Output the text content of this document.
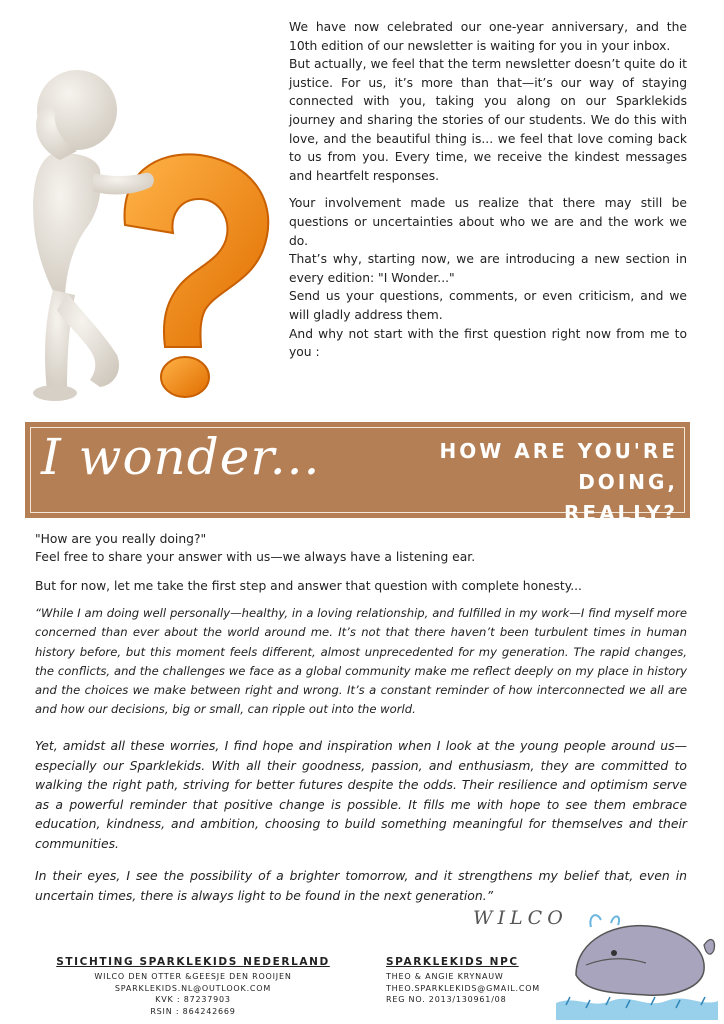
We have now celebrated our one-year anniversary, and the 10th edition of our newsletter is waiting for you in your inbox.
But actually, we feel that the term newsletter doesn’t quite do it justice. For us, it’s more than that—it’s our way of staying connected with you, taking you along on our Sparklekids journey and sharing the stories of our students. We do this with love, and the beautiful thing is... we feel that love coming back to us from you. Every time, we receive the kindest messages and heartfelt responses.

Your involvement made us realize that there may still be questions or uncertainties about who we are and the work we do.
That’s why, starting now, we are introducing a new section in every edition: "I Wonder..."
Send us your questions, comments, or even criticism, and we will gladly address them.
And why not start with the first question right now from me to you :

I wonder...	HOW ARE YOU'RE DOING,
REALLY?
"How are you really doing?"
Feel free to share your answer with us—we always have a listening ear.
But for now, let me take the first step and answer that question with complete honesty...

“While I am doing well personally—healthy, in a loving relationship, and fulfilled in my work—I find myself more concerned than ever about the world around me. It’s not that there haven’t been turbulent times in human history before, but this moment feels different, almost unprecedented for my generation. The rapid changes, the conflicts, and the challenges we face as a global community make me reflect deeply on my place in history and the choices we make between right and wrong. It’s a constant reminder of how interconnected we all are and how our decisions, big or small, can ripple out into the world.

Yet, amidst all these worries, I find hope and inspiration when I look at the young people around us—especially our Sparklekids. With all their goodness, passion, and enthusiasm, they are committed to walking the right path, striving for better futures despite the odds. Their resilience and optimism serve as a powerful reminder that positive change is possible. It fills me with hope to see them embrace education, kindness, and ambition, choosing to build something meaningful for themselves and their communities.

In their eyes, I see the possibility of a brighter tomorrow, and it strengthens my belief that, even in uncertain times, there is always light to be found in the next generation.”

WILCO
STICHTING SPARKLEKIDS NEDERLAND
WILCO DEN OTTER &GEESJE DEN ROOIJEN
SPARKLEKIDS.NL@OUTLOOK.COM
KVK : 87237903
RSIN : 864242669
SPARKLEKIDS NPC
THEO & ANGIE KRYNAUW
THEO.SPARKLEKIDS@GMAIL.COM
REG NO. 2013/130961/08
